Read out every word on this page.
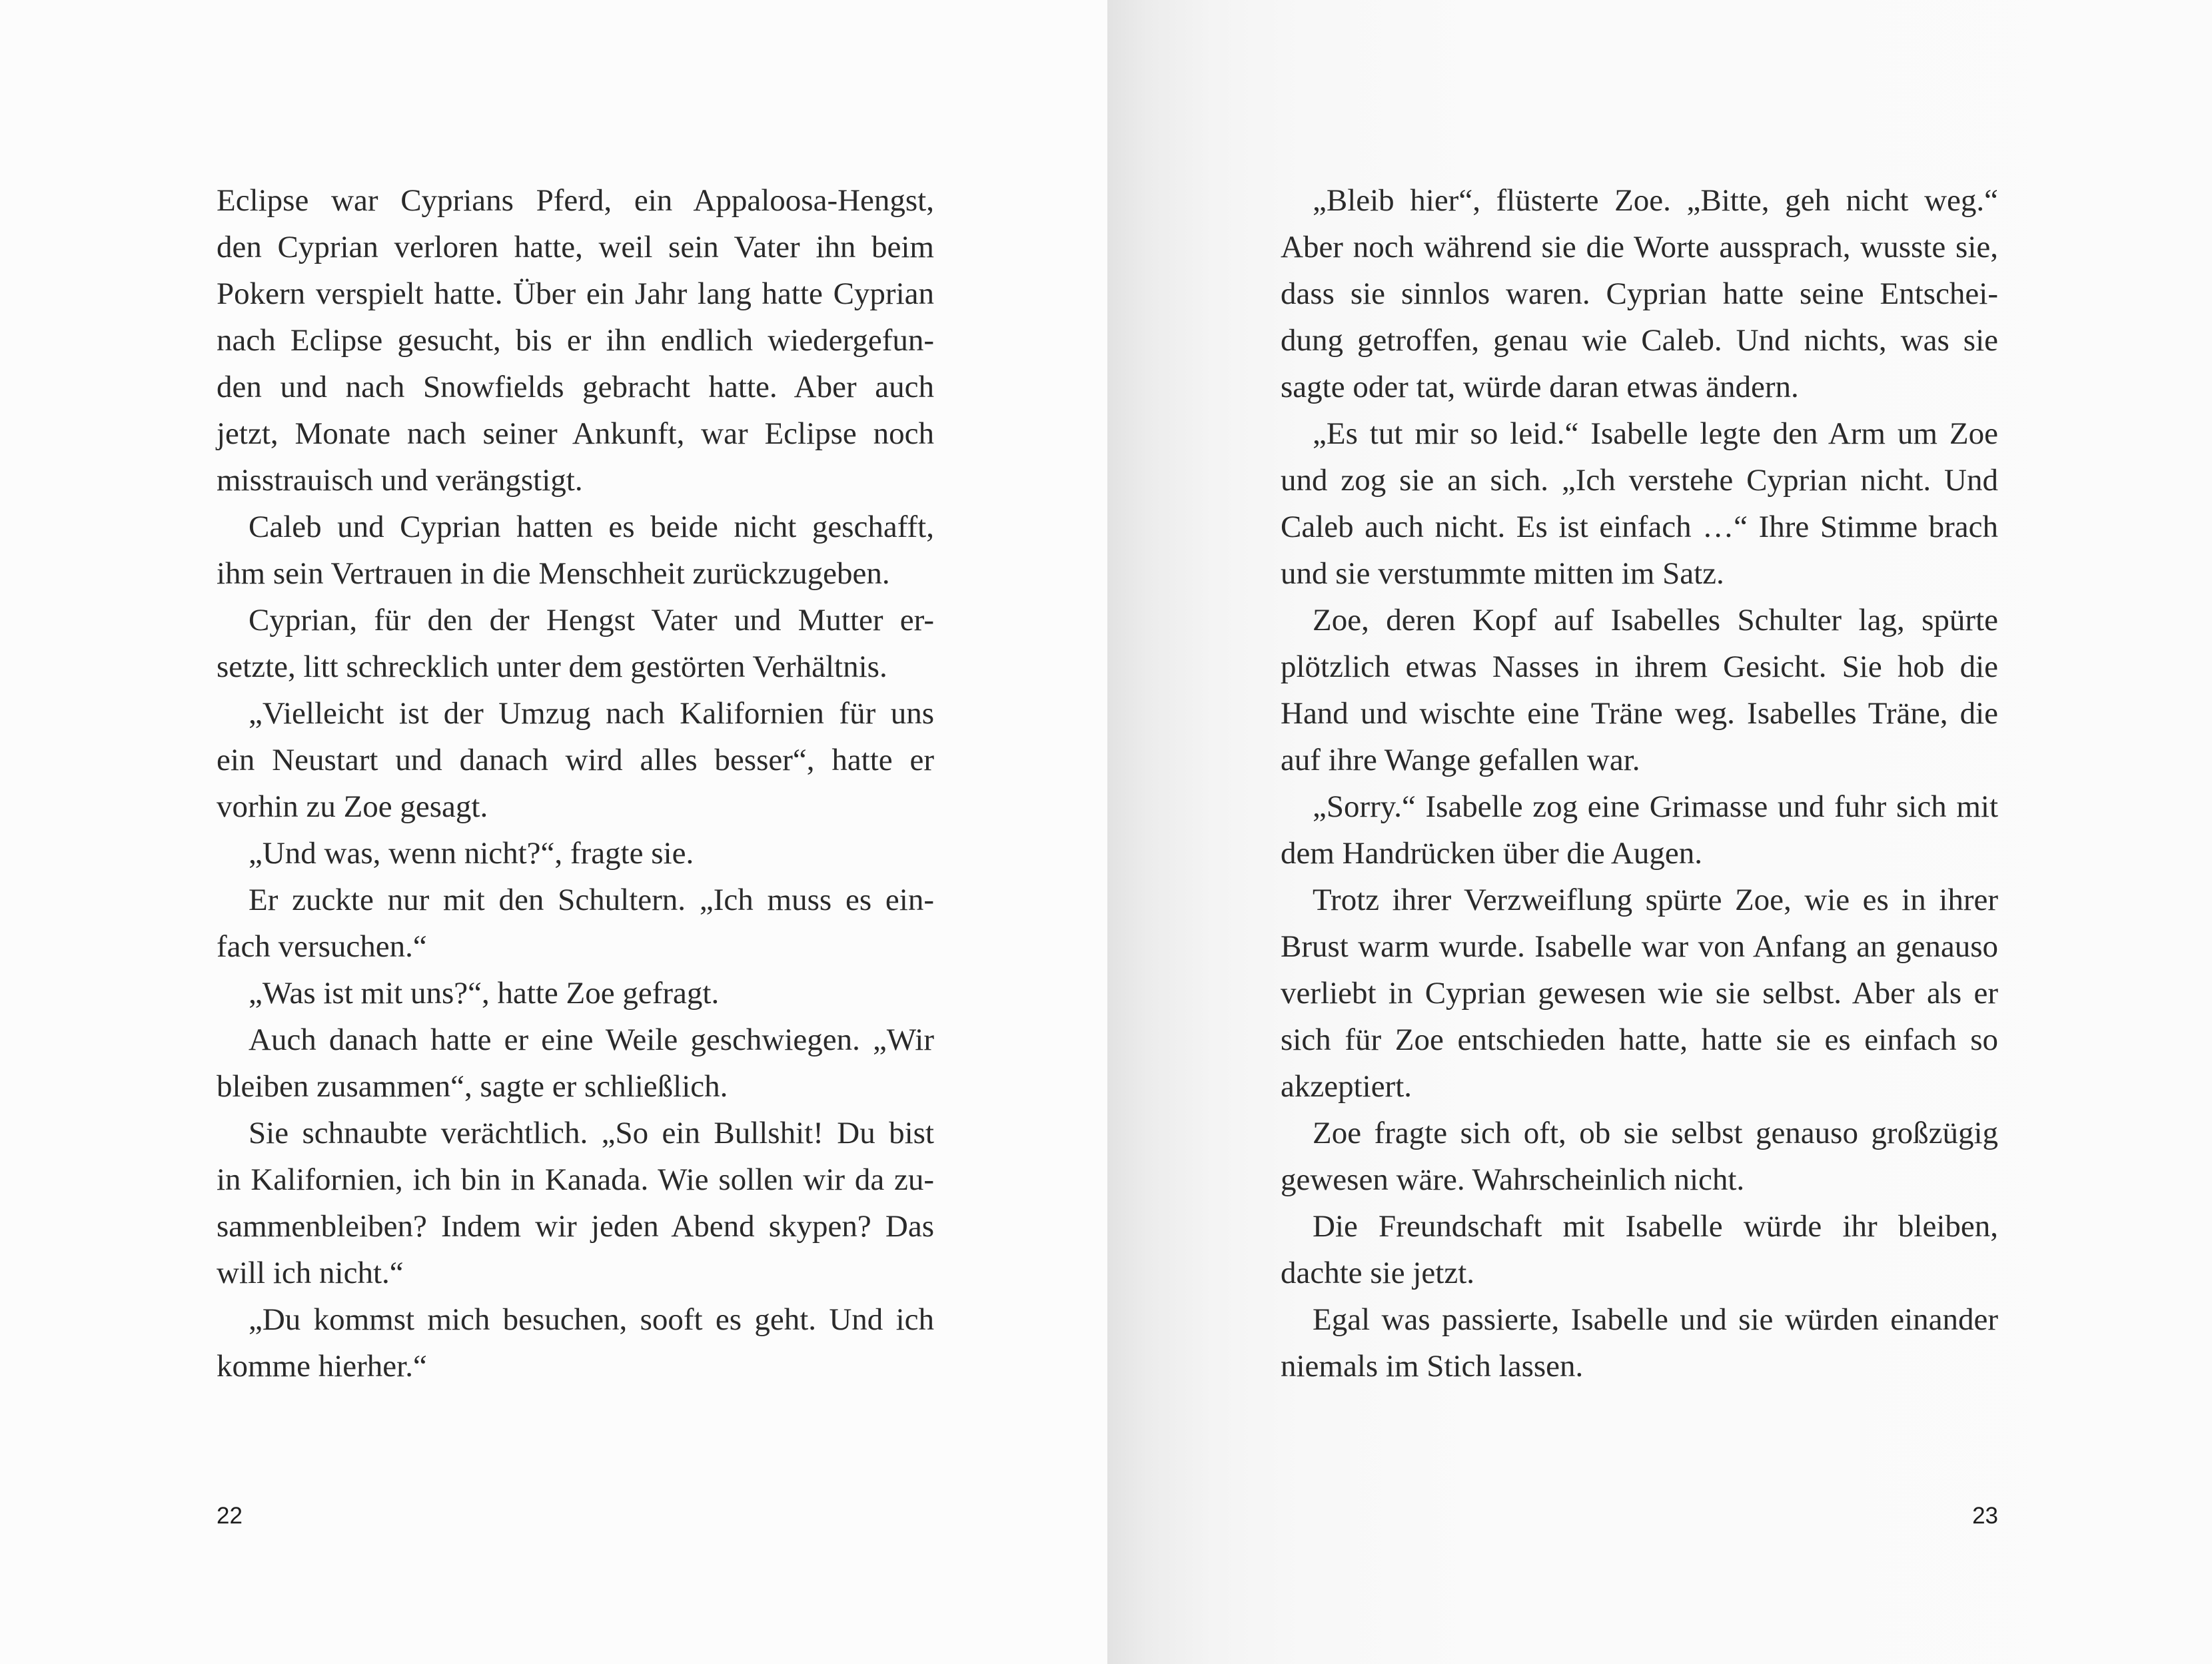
Eclipse war Cyprians Pferd, ein Appaloosa-Hengst,
den Cyprian verloren hatte, weil sein Vater ihn beim
Pokern verspielt hatte. Über ein Jahr lang hatte Cyprian
nach Eclipse gesucht, bis er ihn endlich wiedergefun-
den und nach Snowfields gebracht hatte. Aber auch
jetzt, Monate nach seiner Ankunft, war Eclipse noch
misstrauisch und verängstigt.
Caleb und Cyprian hatten es beide nicht geschafft,
ihm sein Vertrauen in die Menschheit zurückzugeben.
Cyprian, für den der Hengst Vater und Mutter er-
setzte, litt schrecklich unter dem gestörten Verhältnis.
„Vielleicht ist der Umzug nach Kalifornien für uns
ein Neustart und danach wird alles besser“, hatte er
vorhin zu Zoe gesagt.
„Und was, wenn nicht?“, fragte sie.
Er zuckte nur mit den Schultern. „Ich muss es ein-
fach versuchen.“
„Was ist mit uns?“, hatte Zoe gefragt.
Auch danach hatte er eine Weile geschwiegen. „Wir
bleiben zusammen“, sagte er schließlich.
Sie schnaubte verächtlich. „So ein Bullshit! Du bist
in Kalifornien, ich bin in Kanada. Wie sollen wir da zu-
sammenbleiben? Indem wir jeden Abend skypen? Das
will ich nicht.“
„Du kommst mich besuchen, sooft es geht. Und ich
komme hierher.“
22
„Bleib hier“, flüsterte Zoe. „Bitte, geh nicht weg.“
Aber noch während sie die Worte aussprach, wusste sie,
dass sie sinnlos waren. Cyprian hatte seine Entschei-
dung getroffen, genau wie Caleb. Und nichts, was sie
sagte oder tat, würde daran etwas ändern.
„Es tut mir so leid.“ Isabelle legte den Arm um Zoe
und zog sie an sich. „Ich verstehe Cyprian nicht. Und
Caleb auch nicht. Es ist einfach …“ Ihre Stimme brach
und sie verstummte mitten im Satz.
Zoe, deren Kopf auf Isabelles Schulter lag, spürte
plötzlich etwas Nasses in ihrem Gesicht. Sie hob die
Hand und wischte eine Träne weg. Isabelles Träne, die
auf ihre Wange gefallen war.
„Sorry.“ Isabelle zog eine Grimasse und fuhr sich mit
dem Handrücken über die Augen.
Trotz ihrer Verzweiflung spürte Zoe, wie es in ihrer
Brust warm wurde. Isabelle war von Anfang an genauso
verliebt in Cyprian gewesen wie sie selbst. Aber als er
sich für Zoe entschieden hatte, hatte sie es einfach so
akzeptiert.
Zoe fragte sich oft, ob sie selbst genauso großzügig
gewesen wäre. Wahrscheinlich nicht.
Die Freundschaft mit Isabelle würde ihr bleiben,
dachte sie jetzt.
Egal was passierte, Isabelle und sie würden einander
niemals im Stich lassen.
23
